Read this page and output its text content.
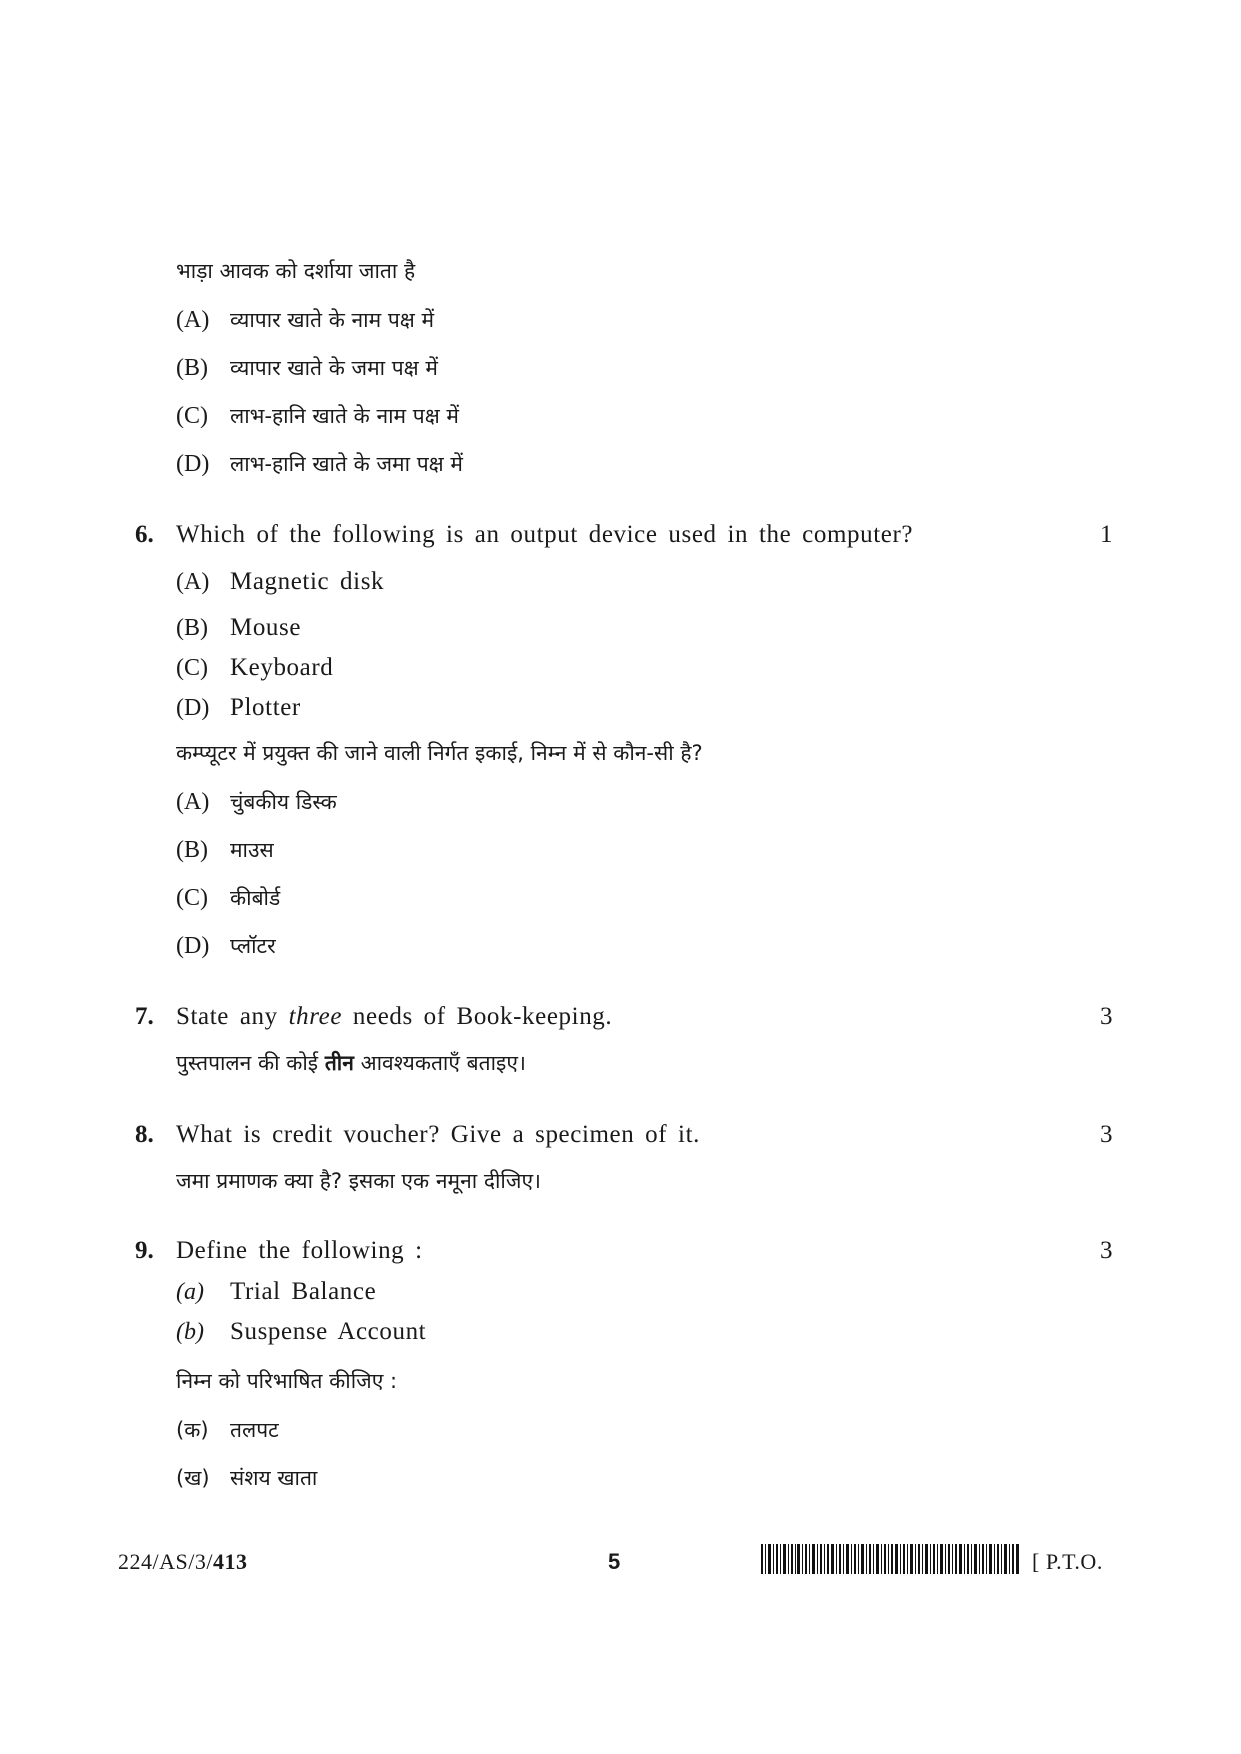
भाड़ा आवक को दर्शाया जाता है
(A) व्यापार खाते के नाम पक्ष में
(B) व्यापार खाते के जमा पक्ष में
(C) लाभ-हानि खाते के नाम पक्ष में
(D) लाभ-हानि खाते के जमा पक्ष में
6. Which of the following is an output device used in the computer?	1
(A) Magnetic disk
(B) Mouse
(C) Keyboard
(D) Plotter
कम्प्यूटर में प्रयुक्त की जाने वाली निर्गत इकाई, निम्न में से कौन-सी है?
(A) चुंबकीय डिस्क
(B) माउस
(C) कीबोर्ड
(D) प्लॉटर
7. State any three needs of Book-keeping.	3
पुस्तपालन की कोई तीन आवश्यकताएँ बताइए।
8. What is credit voucher? Give a specimen of it.	3
जमा प्रमाणक क्या है? इसका एक नमूना दीजिए।
9. Define the following :	3
(a) Trial Balance
(b) Suspense Account
निम्न को परिभाषित कीजिए :
(क) तलपट
(ख) संशय खाता
224/AS/3/413	5	[ P.T.O.
